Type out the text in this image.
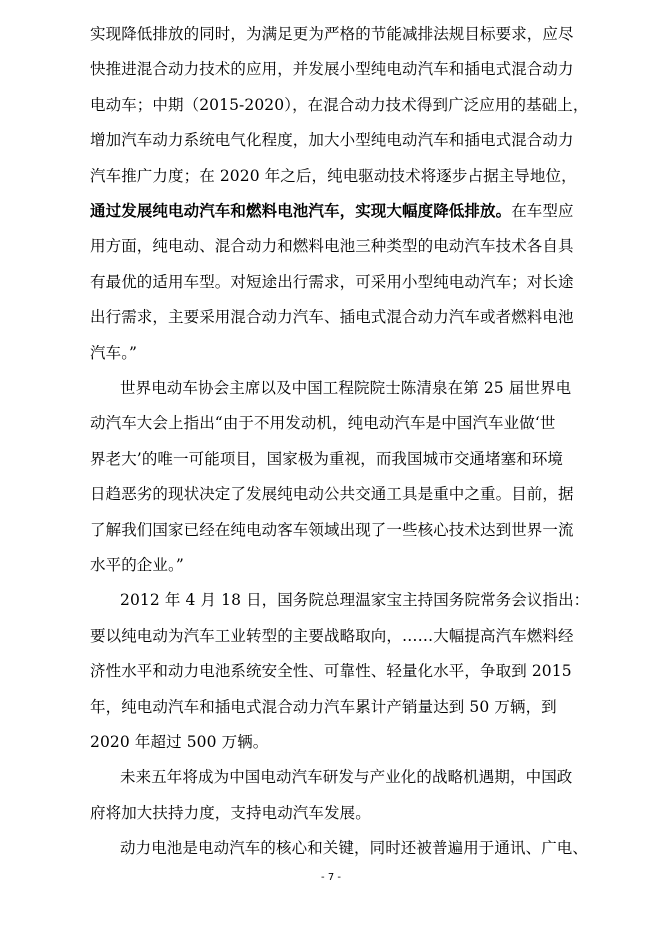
实现降低排放的同时，为满足更为严格的节能减排法规目标要求，应尽
快推进混合动力技术的应用，并发展小型纯电动汽车和插电式混合动力
电动车；中期（2015-2020），在混合动力技术得到广泛应用的基础上，
增加汽车动力系统电气化程度，加大小型纯电动汽车和插电式混合动力
汽车推广力度；在 2020 年之后，纯电驱动技术将逐步占据主导地位，
通过发展纯电动汽车和燃料电池汽车，实现大幅度降低排放。在车型应
用方面，纯电动、混合动力和燃料电池三种类型的电动汽车技术各自具
有最优的适用车型。对短途出行需求，可采用小型纯电动汽车；对长途
出行需求，主要采用混合动力汽车、插电式混合动力汽车或者燃料电池
汽车。”
世界电动车协会主席以及中国工程院院士陈清泉在第 25 届世界电
动汽车大会上指出“由于不用发动机，纯电动汽车是中国汽车业做‘世
界老大’的唯一可能项目，国家极为重视，而我国城市交通堵塞和环境
日趋恶劣的现状决定了发展纯电动公共交通工具是重中之重。目前，据
了解我们国家已经在纯电动客车领域出现了一些核心技术达到世界一流
水平的企业。”
2012 年 4 月 18 日，国务院总理温家宝主持国务院常务会议指出：
要以纯电动为汽车工业转型的主要战略取向，……大幅提高汽车燃料经
济性水平和动力电池系统安全性、可靠性、轻量化水平，争取到 2015
年，纯电动汽车和插电式混合动力汽车累计产销量达到 50 万辆，到
2020 年超过 500 万辆。
未来五年将成为中国电动汽车研发与产业化的战略机遇期，中国政
府将加大扶持力度，支持电动汽车发展。
动力电池是电动汽车的核心和关键，同时还被普遍用于通讯、广电、
- 7 -
